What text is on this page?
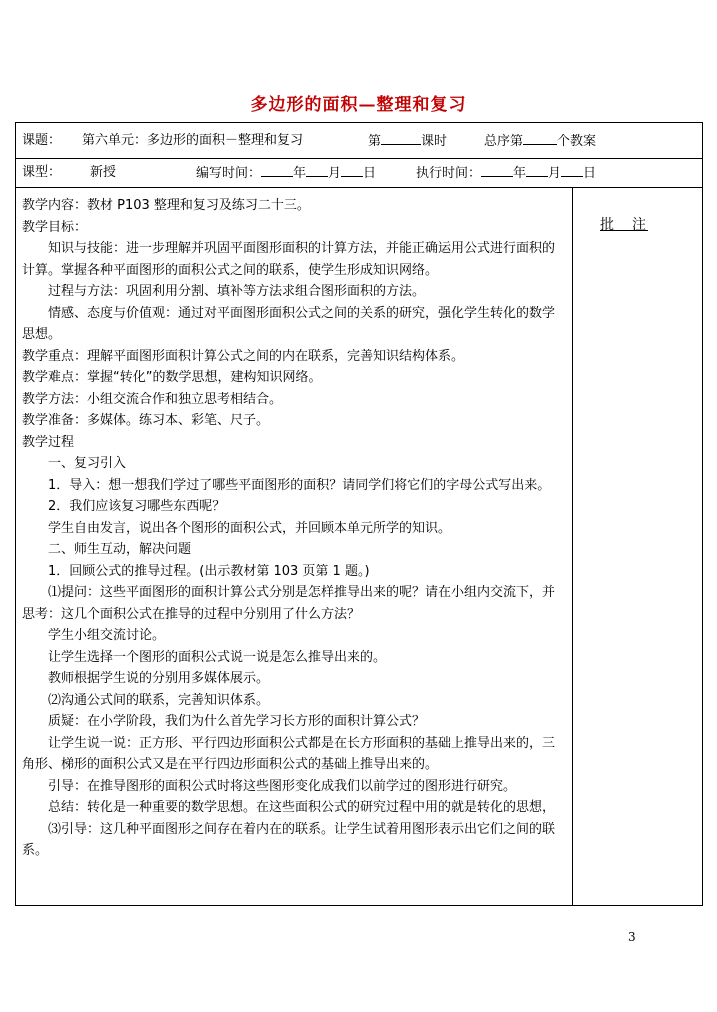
多边形的面积—整理和复习
课题： 第六单元：多边形的面积－整理和复习	第	课时	总序第	个教案
课型： 新授	编写时间： 年 月 日	执行时间： 年 月 日

教学内容：教材 P103 整理和复习及练习二十三。

教学目标：

知识与技能：进一步理解并巩固平面图形面积的计算方法，并能正确运用公式进行面积的计算。掌握各种平面图形的面积公式之间的联系，使学生形成知识网络。

过程与方法：巩固利用分割、填补等方法求组合图形面积的方法。

情感、态度与价值观：通过对平面图形面积公式之间的关系的研究，强化学生转化的数学思想。

教学重点：理解平面图形面积计算公式之间的内在联系，完善知识结构体系。

教学难点：掌握“转化”的数学思想，建构知识网络。

教学方法：小组交流合作和独立思考相结合。

教学准备：多媒体。练习本、彩笔、尺子。

教学过程

一、复习引入

1．导入：想一想我们学过了哪些平面图形的面积？请同学们将它们的字母公式写出来。

2．我们应该复习哪些东西呢？

学生自由发言，说出各个图形的面积公式，并回顾本单元所学的知识。

二、师生互动，解决问题

1．回顾公式的推导过程。(出示教材第 103 页第 1 题。)

⑴提问：这些平面图形的面积计算公式分别是怎样推导出来的呢？请在小组内交流下，并思考：这几个面积公式在推导的过程中分别用了什么方法？

学生小组交流讨论。

让学生选择一个图形的面积公式说一说是怎么推导出来的。

教师根据学生说的分别用多媒体展示。

⑵沟通公式间的联系，完善知识体系。

质疑：在小学阶段，我们为什么首先学习长方形的面积计算公式？

让学生说一说：正方形、平行四边形面积公式都是在长方形面积的基础上推导出来的，三角形、梯形的面积公式又是在平行四边形面积公式的基础上推导出来的。

引导：在推导图形的面积公式时将这些图形变化成我们以前学过的图形进行研究。

总结：转化是一种重要的数学思想。在这些面积公式的研究过程中用的就是转化的思想，

⑶引导：这几种平面图形之间存在着内在的联系。让学生试着用图形表示出它们之间的联系。

批　注
3
